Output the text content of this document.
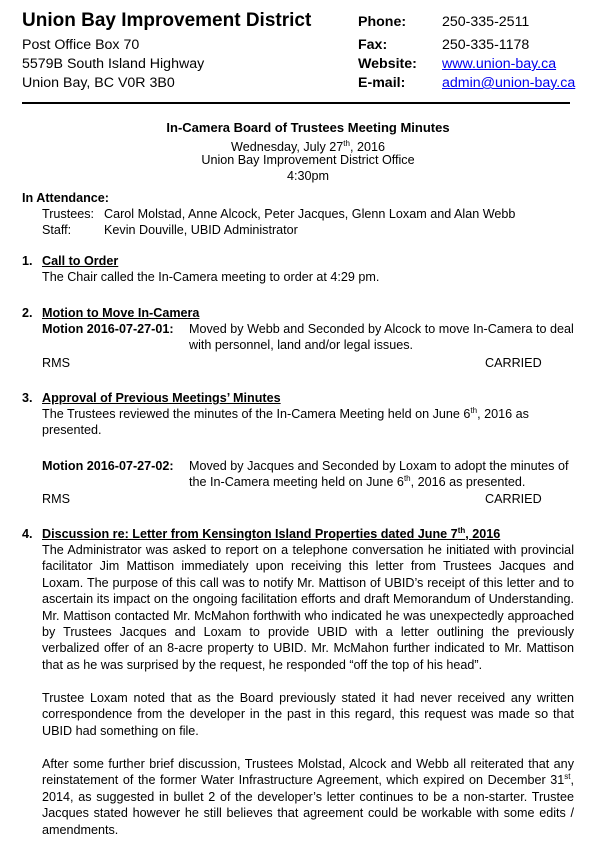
Union Bay Improvement District
Post Office Box 70
5579B South Island Highway
Union Bay, BC V0R 3B0
Phone:	250-335-2511
Fax:	250-335-1178
Website: www.union-bay.ca
E-mail:	admin@union-bay.ca
In-Camera Board of Trustees Meeting Minutes
Wednesday, July 27th, 2016
Union Bay Improvement District Office
4:30pm
In Attendance:
Trustees: Carol Molstad, Anne Alcock, Peter Jacques, Glenn Loxam and Alan Webb
Staff:	Kevin Douville, UBID Administrator
1. Call to Order
The Chair called the In-Camera meeting to order at 4:29 pm.
2. Motion to Move In-Camera
Motion 2016-07-27-01: Moved by Webb and Seconded by Alcock to move In-Camera to deal with personnel, land and/or legal issues.
RMS	CARRIED
3. Approval of Previous Meetings’ Minutes
The Trustees reviewed the minutes of the In-Camera Meeting held on June 6th, 2016 as presented.
Motion 2016-07-27-02: Moved by Jacques and Seconded by Loxam to adopt the minutes of the In-Camera meeting held on June 6th, 2016 as presented.
RMS	CARRIED
4. Discussion re: Letter from Kensington Island Properties dated June 7th, 2016
The Administrator was asked to report on a telephone conversation he initiated with provincial facilitator Jim Mattison immediately upon receiving this letter from Trustees Jacques and Loxam. The purpose of this call was to notify Mr. Mattison of UBID’s receipt of this letter and to ascertain its impact on the ongoing facilitation efforts and draft Memorandum of Understanding. Mr. Mattison contacted Mr. McMahon forthwith who indicated he was unexpectedly approached by Trustees Jacques and Loxam to provide UBID with a letter outlining the previously verbalized offer of an 8-acre property to UBID. Mr. McMahon further indicated to Mr. Mattison that as he was surprised by the request, he responded “off the top of his head”.
Trustee Loxam noted that as the Board previously stated it had never received any written correspondence from the developer in the past in this regard, this request was made so that UBID had something on file.
After some further brief discussion, Trustees Molstad, Alcock and Webb all reiterated that any reinstatement of the former Water Infrastructure Agreement, which expired on December 31st, 2014, as suggested in bullet 2 of the developer’s letter continues to be a non-starter. Trustee Jacques stated however he still believes that agreement could be workable with some edits / amendments.
